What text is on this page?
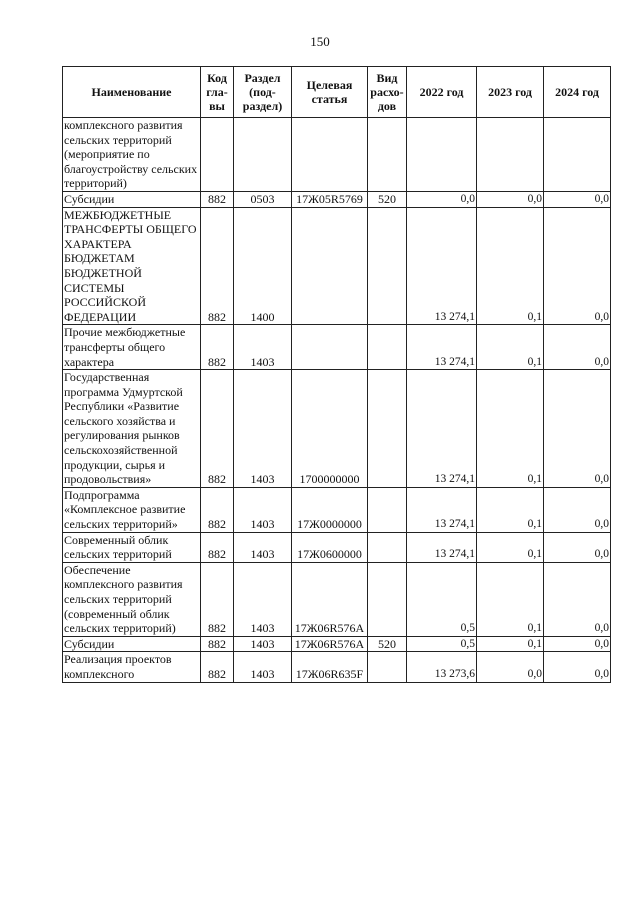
150
Наименование	Код гла-вы	Раздел (под-раздел)	Целевая статья	Вид расхо-дов	2022 год	2023 год	2024 год
комплексного развития сельских территорий (мероприятие по благоустройству сельских территорий)							
Субсидии	882	0503	17Ж05R5769	520	0,0	0,0	0,0
МЕЖБЮДЖЕТНЫЕ ТРАНСФЕРТЫ ОБЩЕГО ХАРАКТЕРА БЮДЖЕТАМ БЮДЖЕТНОЙ СИСТЕМЫ РОССИЙСКОЙ ФЕДЕРАЦИИ	882	1400			13 274,1	0,1	0,0
Прочие межбюджетные трансферты общего характера	882	1403			13 274,1	0,1	0,0
Государственная программа Удмуртской Республики «Развитие сельского хозяйства и регулирования рынков сельскохозяйственной продукции, сырья и продовольствия»	882	1403	1700000000		13 274,1	0,1	0,0
Подпрограмма «Комплексное развитие сельских территорий»	882	1403	17Ж0000000		13 274,1	0,1	0,0
Современный облик сельских территорий	882	1403	17Ж0600000		13 274,1	0,1	0,0
Обеспечение комплексного развития сельских территорий (современный облик сельских территорий)	882	1403	17Ж06R576A		0,5	0,1	0,0
Субсидии	882	1403	17Ж06R576A	520	0,5	0,1	0,0
Реализация проектов комплексного	882	1403	17Ж06R635F		13 273,6	0,0	0,0
